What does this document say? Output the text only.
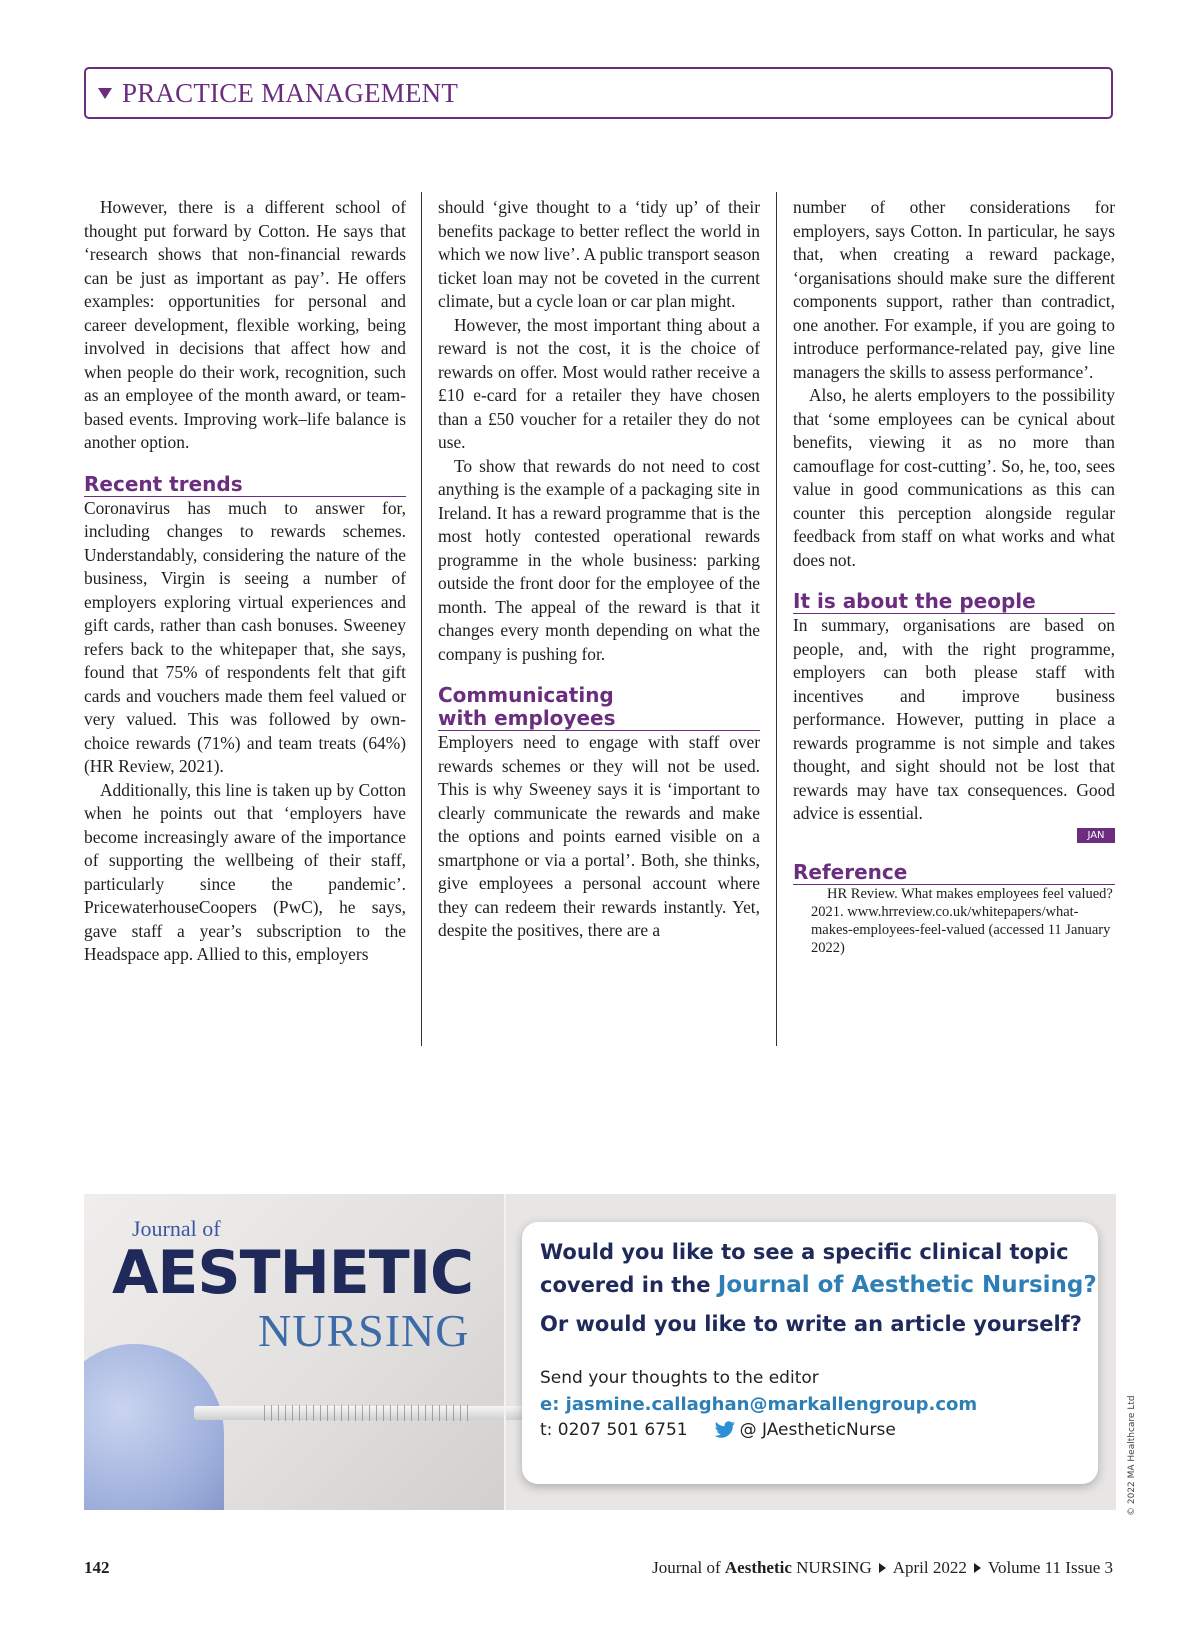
PRACTICE MANAGEMENT

However, there is a different school of thought put forward by Cotton. He says that ‘research shows that non-financial rewards can be just as important as pay’. He offers examples: opportunities for personal and career development, flexible working, being involved in decisions that affect how and when people do their work, recognition, such as an employee of the month award, or team-based events. Improving work–life balance is another option.

Recent trends

Coronavirus has much to answer for, including changes to rewards schemes. Understandably, considering the nature of the business, Virgin is seeing a number of employers exploring virtual experiences and gift cards, rather than cash bonuses. Sweeney refers back to the whitepaper that, she says, found that 75% of respondents felt that gift cards and vouchers made them feel valued or very valued. This was followed by own-choice rewards (71%) and team treats (64%) (HR Review, 2021).

Additionally, this line is taken up by Cotton when he points out that ‘employers have become increasingly aware of the importance of supporting the wellbeing of their staff, particularly since the pandemic’. PricewaterhouseCoopers (PwC), he says, gave staff a year’s subscription to the Headspace app. Allied to this, employers

should ‘give thought to a ‘tidy up’ of their benefits package to better reflect the world in which we now live’. A public transport season ticket loan may not be coveted in the current climate, but a cycle loan or car plan might.

However, the most important thing about a reward is not the cost, it is the choice of rewards on offer. Most would rather receive a £10 e-card for a retailer they have chosen than a £50 voucher for a retailer they do not use.

To show that rewards do not need to cost anything is the example of a packaging site in Ireland. It has a reward programme that is the most hotly contested operational rewards programme in the whole business: parking outside the front door for the employee of the month. The appeal of the reward is that it changes every month depending on what the company is pushing for.

Communicating
with employees

Employers need to engage with staff over rewards schemes or they will not be used. This is why Sweeney says it is ‘important to clearly communicate the rewards and make the options and points earned visible on a smartphone or via a portal’. Both, she thinks, give employees a personal account where they can redeem their rewards instantly. Yet, despite the positives, there are a

number of other considerations for employers, says Cotton. In particular, he says that, when creating a reward package, ‘organisations should make sure the different components support, rather than contradict, one another. For example, if you are going to introduce performance-related pay, give line managers the skills to assess performance’.

Also, he alerts employers to the possibility that ‘some employees can be cynical about benefits, viewing it as no more than camouflage for cost-cutting’. So, he, too, sees value in good communications as this can counter this perception alongside regular feedback from staff on what works and what does not.

It is about the people

In summary, organisations are based on people, and, with the right programme, employers can both please staff with incentives and improve business performance. However, putting in place a rewards programme is not simple and takes thought, and sight should not be lost that rewards may have tax consequences. Good advice is essential.

JAN
Reference

HR Review. What makes employees feel valued? 2021. www.hrreview.co.uk/whitepapers/what-makes-employees-feel-valued (accessed 11 January 2022)

Journal of
AESTHETIC
NURSING
Would you like to see a specific clinical topic
covered in the Journal of Aesthetic Nursing?
Or would you like to write an article yourself?
Send your thoughts to the editor
e: jasmine.callaghan@markallengroup.com
t: 0207 501 6751	@ JAestheticNurse	© 2022 MA Healthcare Ltd
142	Journal of
Aesthetic
NURSING April 2022 Volume 11 Issue 3
